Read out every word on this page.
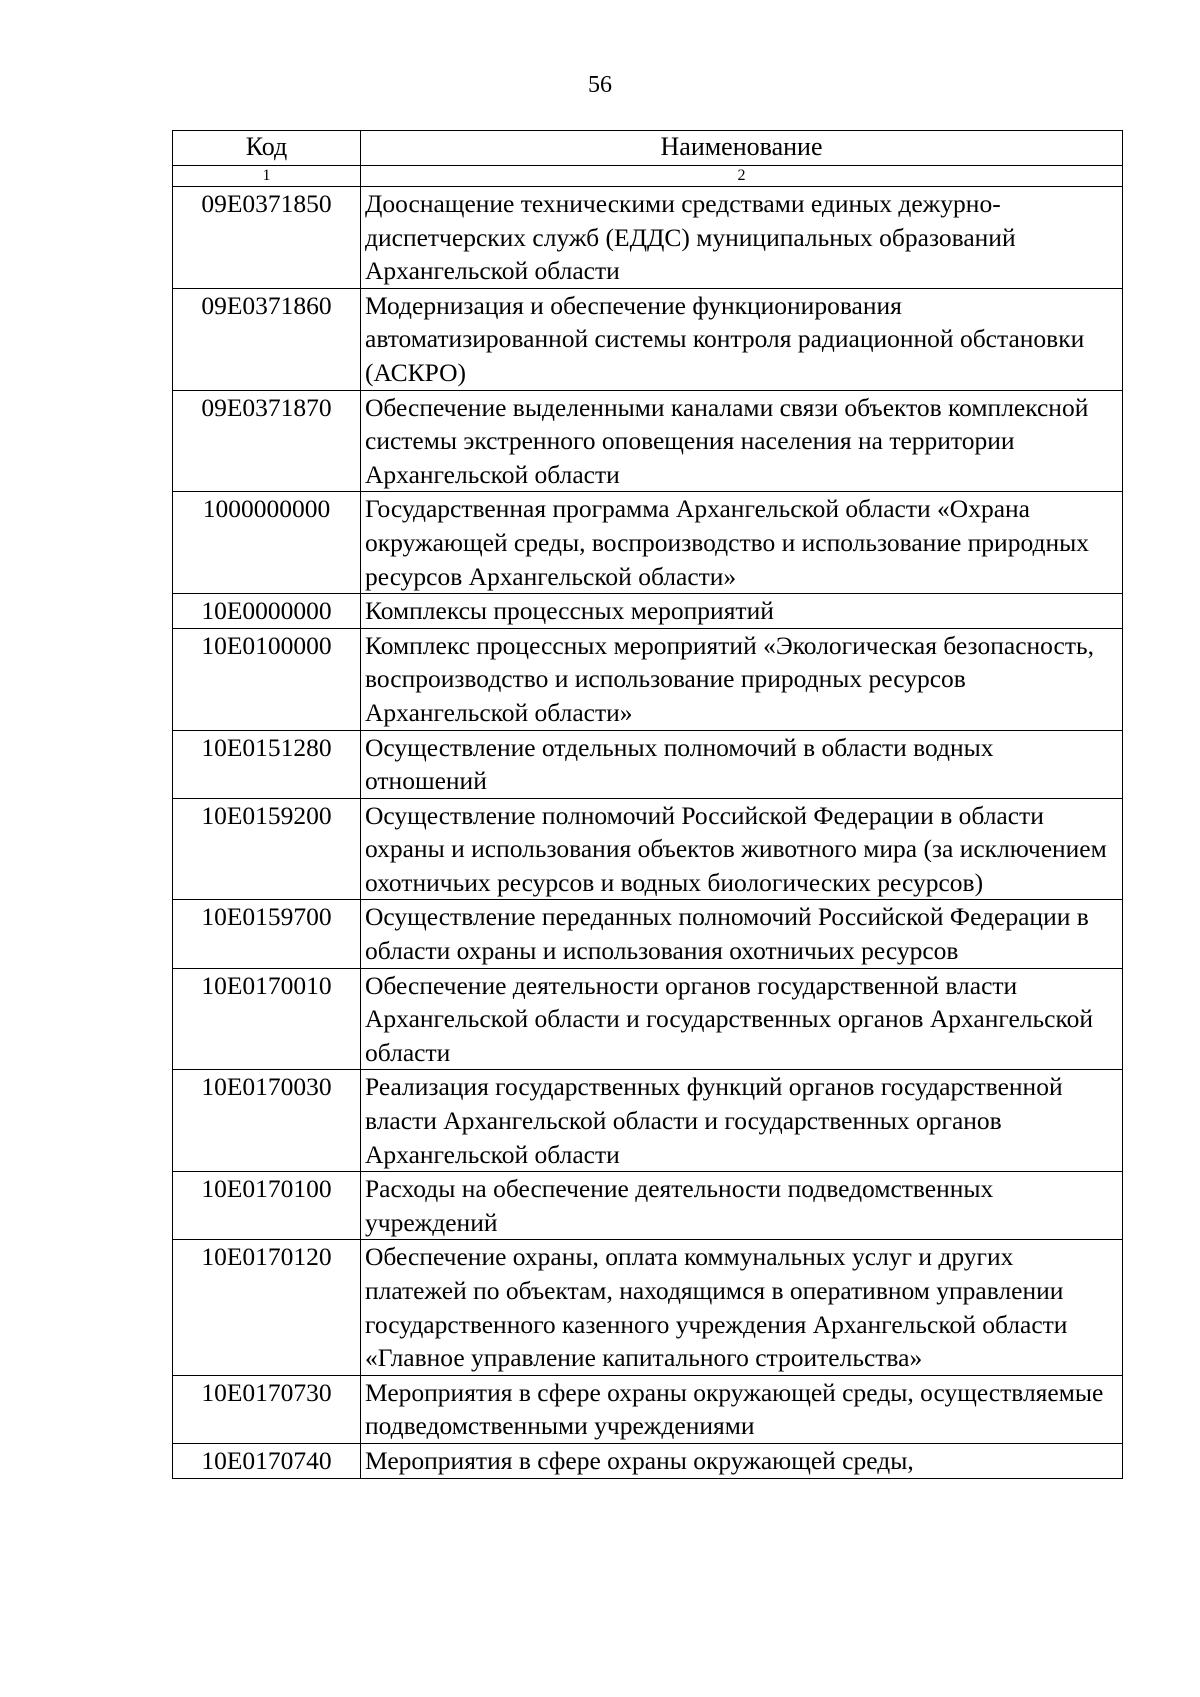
56
Код	Наименование
1	2
09Е0371850	Дооснащение техническими средствами единых дежурно-диспетчерских служб (ЕДДС) муниципальных образований Архангельской области
09Е0371860	Модернизация и обеспечение функционирования автоматизированной системы контроля радиационной обстановки (АСКРО)
09Е0371870	Обеспечение выделенными каналами связи объектов комплексной системы экстренного оповещения населения на территории Архангельской области
1000000000	Государственная программа Архангельской области «Охрана окружающей среды, воспроизводство и использование природных ресурсов Архангельской области»
10Е0000000	Комплексы процессных мероприятий
10Е0100000	Комплекс процессных мероприятий «Экологическая безопасность, воспроизводство и использование природных ресурсов Архангельской области»
10Е0151280	Осуществление отдельных полномочий в области водных отношений
10Е0159200	Осуществление полномочий Российской Федерации в области охраны и использования объектов животного мира (за исключением охотничьих ресурсов и водных биологических ресурсов)
10Е0159700	Осуществление переданных полномочий Российской Федерации в области охраны и использования охотничьих ресурсов
10Е0170010	Обеспечение деятельности органов государственной власти Архангельской области и государственных органов Архангельской области
10Е0170030	Реализация государственных функций органов государственной власти Архангельской области и государственных органов Архангельской области
10Е0170100	Расходы на обеспечение деятельности подведомственных учреждений
10Е0170120	Обеспечение охраны, оплата коммунальных услуг и других платежей по объектам, находящимся в оперативном управлении государственного казенного учреждения Архангельской области «Главное управление капитального строительства»
10Е0170730	Мероприятия в сфере охраны окружающей среды, осуществляемые подведомственными учреждениями
10Е0170740	Мероприятия в сфере охраны окружающей среды,
